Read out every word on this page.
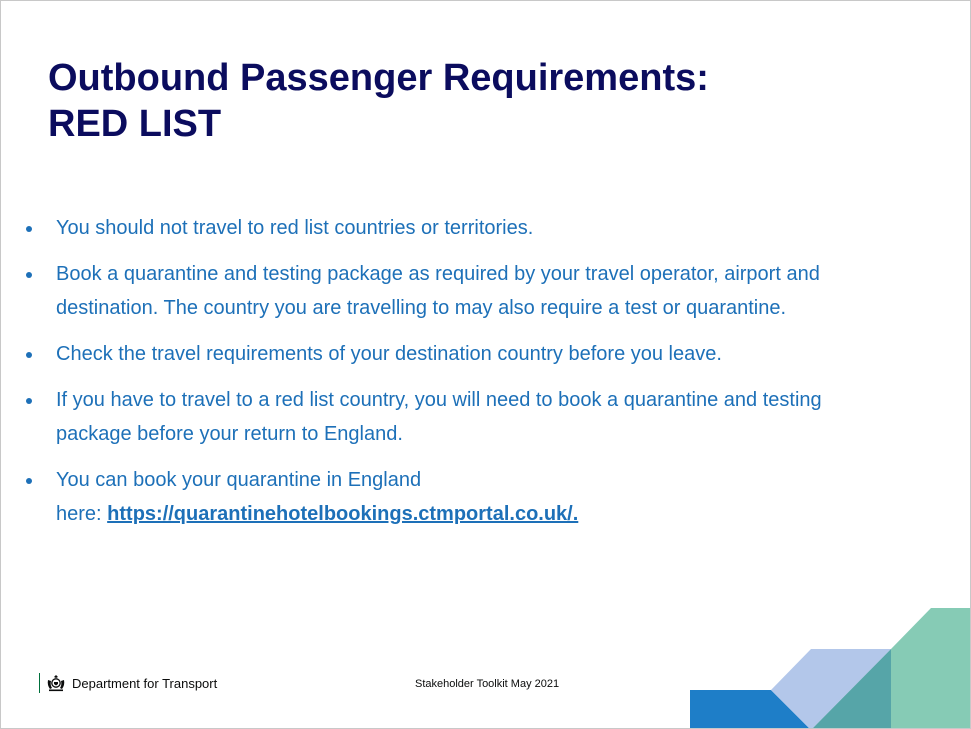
Outbound Passenger Requirements:
RED LIST
You should not travel to red list countries or territories.
Book a quarantine and testing package as required by your travel operator, airport and
destination. The country you are travelling to may also require a test or quarantine.
Check the travel requirements of your destination country before you leave.
If you have to travel to a red list country, you will need to book a quarantine and testing
package before your return to England.
You can book your quarantine in England
here: https://quarantinehotelbookings.ctmportal.co.uk/.
Department for Transport	Stakeholder Toolkit May 2021
